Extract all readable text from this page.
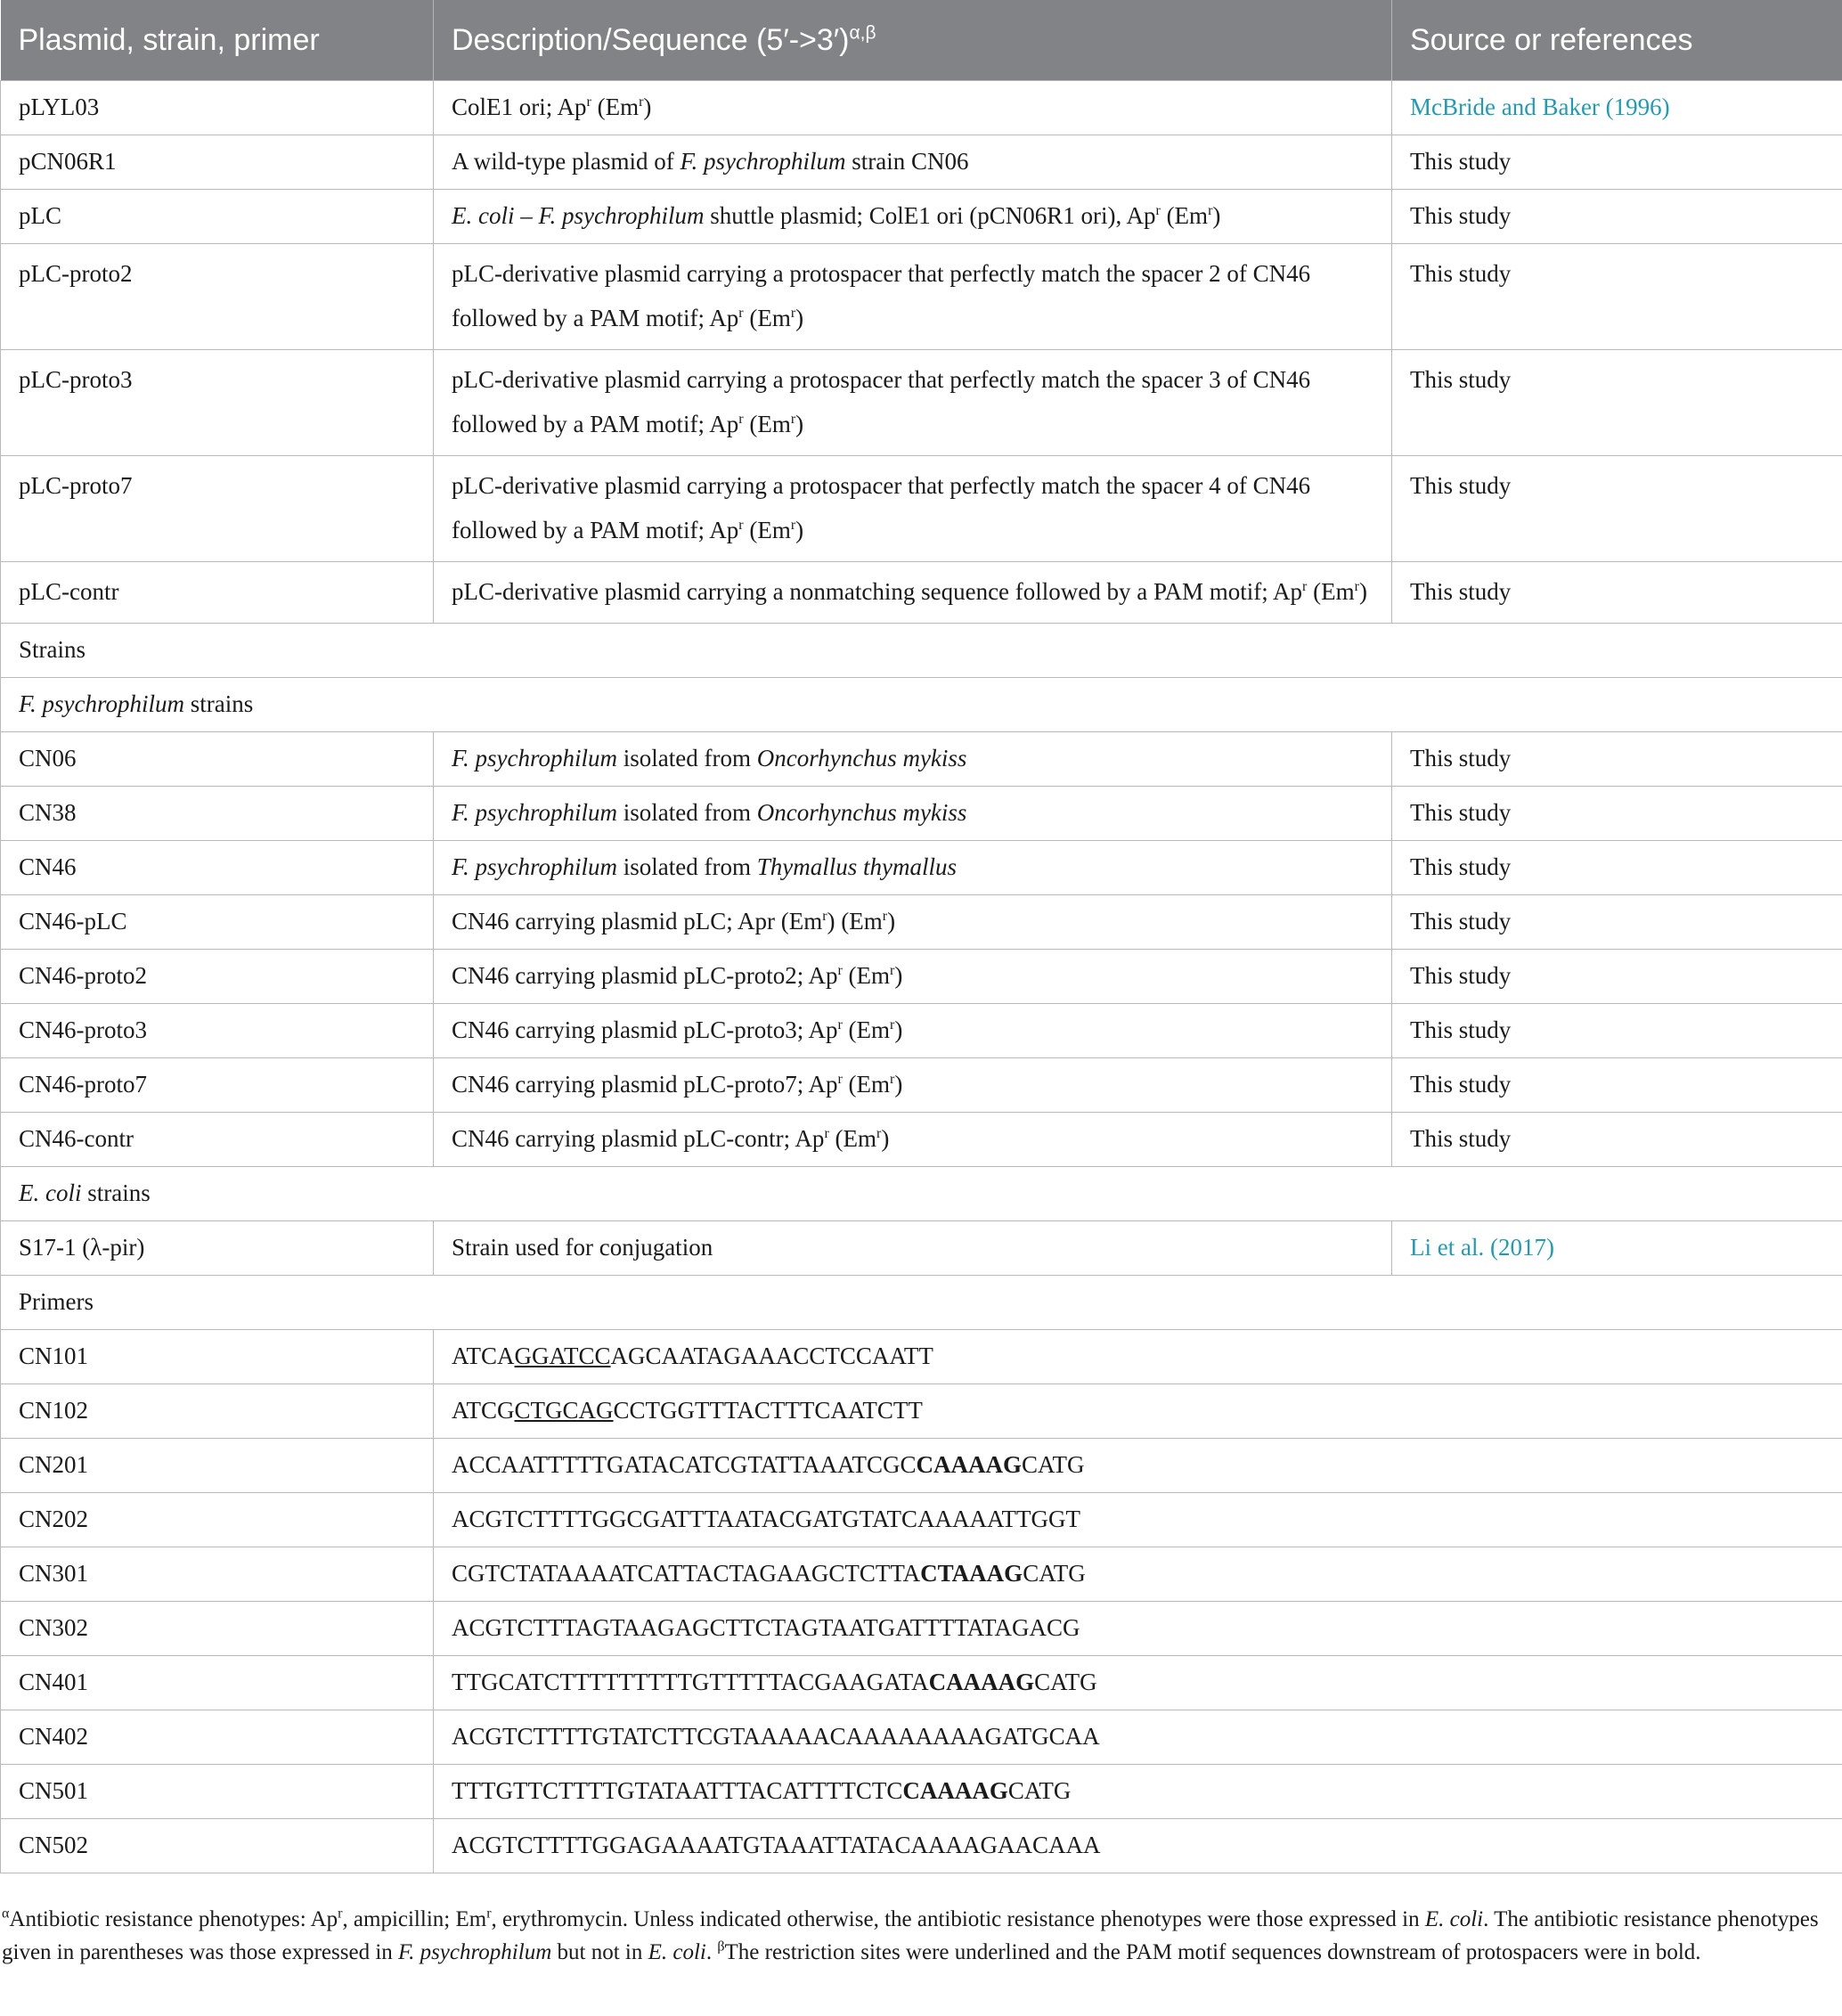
Plasmid, strain, primer	Description/Sequence (5′->3′)$^{\alpha,\beta}$	Source or references
pLYL03	ColE1 ori; Ap$^r$ (Em$^r$)	McBride and Baker (1996)
pCN06R1	A wild-type plasmid of F. psychrophilum strain CN06	This study
pLC	E. coli – F. psychrophilum shuttle plasmid; ColE1 ori (pCN06R1 ori), Ap$^r$ (Em$^r$)	This study
pLC-proto2	pLC-derivative plasmid carrying a protospacer that perfectly match the spacer 2 of CN46 followed by a PAM motif; Ap$^r$ (Em$^r$)	This study
pLC-proto3	pLC-derivative plasmid carrying a protospacer that perfectly match the spacer 3 of CN46 followed by a PAM motif; Ap$^r$ (Em$^r$)	This study
pLC-proto7	pLC-derivative plasmid carrying a protospacer that perfectly match the spacer 4 of CN46 followed by a PAM motif; Ap$^r$ (Em$^r$)	This study
pLC-contr	pLC-derivative plasmid carrying a nonmatching sequence followed by a PAM motif; Ap$^r$ (Em$^r$)	This study
Strains		
F. psychrophilum strains		
CN06	F. psychrophilum isolated from Oncorhynchus mykiss	This study
CN38	F. psychrophilum isolated from Oncorhynchus mykiss	This study
CN46	F. psychrophilum isolated from Thymallus thymallus	This study
CN46-pLC	CN46 carrying plasmid pLC; Apr (Em$^r$) (Em$^r$)	This study
CN46-proto2	CN46 carrying plasmid pLC-proto2; Ap$^r$ (Em$^r$)	This study
CN46-proto3	CN46 carrying plasmid pLC-proto3; Ap$^r$ (Em$^r$)	This study
CN46-proto7	CN46 carrying plasmid pLC-proto7; Ap$^r$ (Em$^r$)	This study
CN46-contr	CN46 carrying plasmid pLC-contr; Ap$^r$ (Em$^r$)	This study
E. coli strains		
S17-1 (λ-pir)	Strain used for conjugation	Li et al. (2017)
Primers		
CN101	ATCAGGATCCAGCAATAGAAACCTCCAATT	
CN102	ATCGCTGCAGCCTGGTTTACTTTCAATCTT	
CN201	ACCAATTTTTGATACATCGTATTAAATCGCCAAAAGCATG	
CN202	ACGTCTTTTGGCGATTTAATACGATGTATCAAAAATTGGT	
CN301	CGTCTATAAAATCATTACTAGAAGCTCTTACTAAAGCATG	
CN302	ACGTCTTTAGTAAGAGCTTCTAGTAATGATTTTATAGACG	
CN401	TTGCATCTTTTTTTTTGTTTTTACGAAGATACAAAAGCATG	
CN402	ACGTCTTTTGTATCTTCGTAAAAACAAAAAAAAGATGCAA	
CN501	TTTGTTCTTTTGTATAATTTACATTTTCTCCAAAAGCATG	
CN502	ACGTCTTTTGGAGAAAATGTAAATTATACAAAAGAACAAA	
$^\alpha$Antibiotic resistance phenotypes: Ap$^r$, ampicillin; Em$^r$, erythromycin. Unless indicated otherwise, the antibiotic resistance phenotypes were those expressed in E. coli. The antibiotic resistance phenotypes given in parentheses was those expressed in F. psychrophilum but not in E. coli. $^\beta$The restriction sites were underlined and the PAM motif sequences downstream of protospacers were in bold.
